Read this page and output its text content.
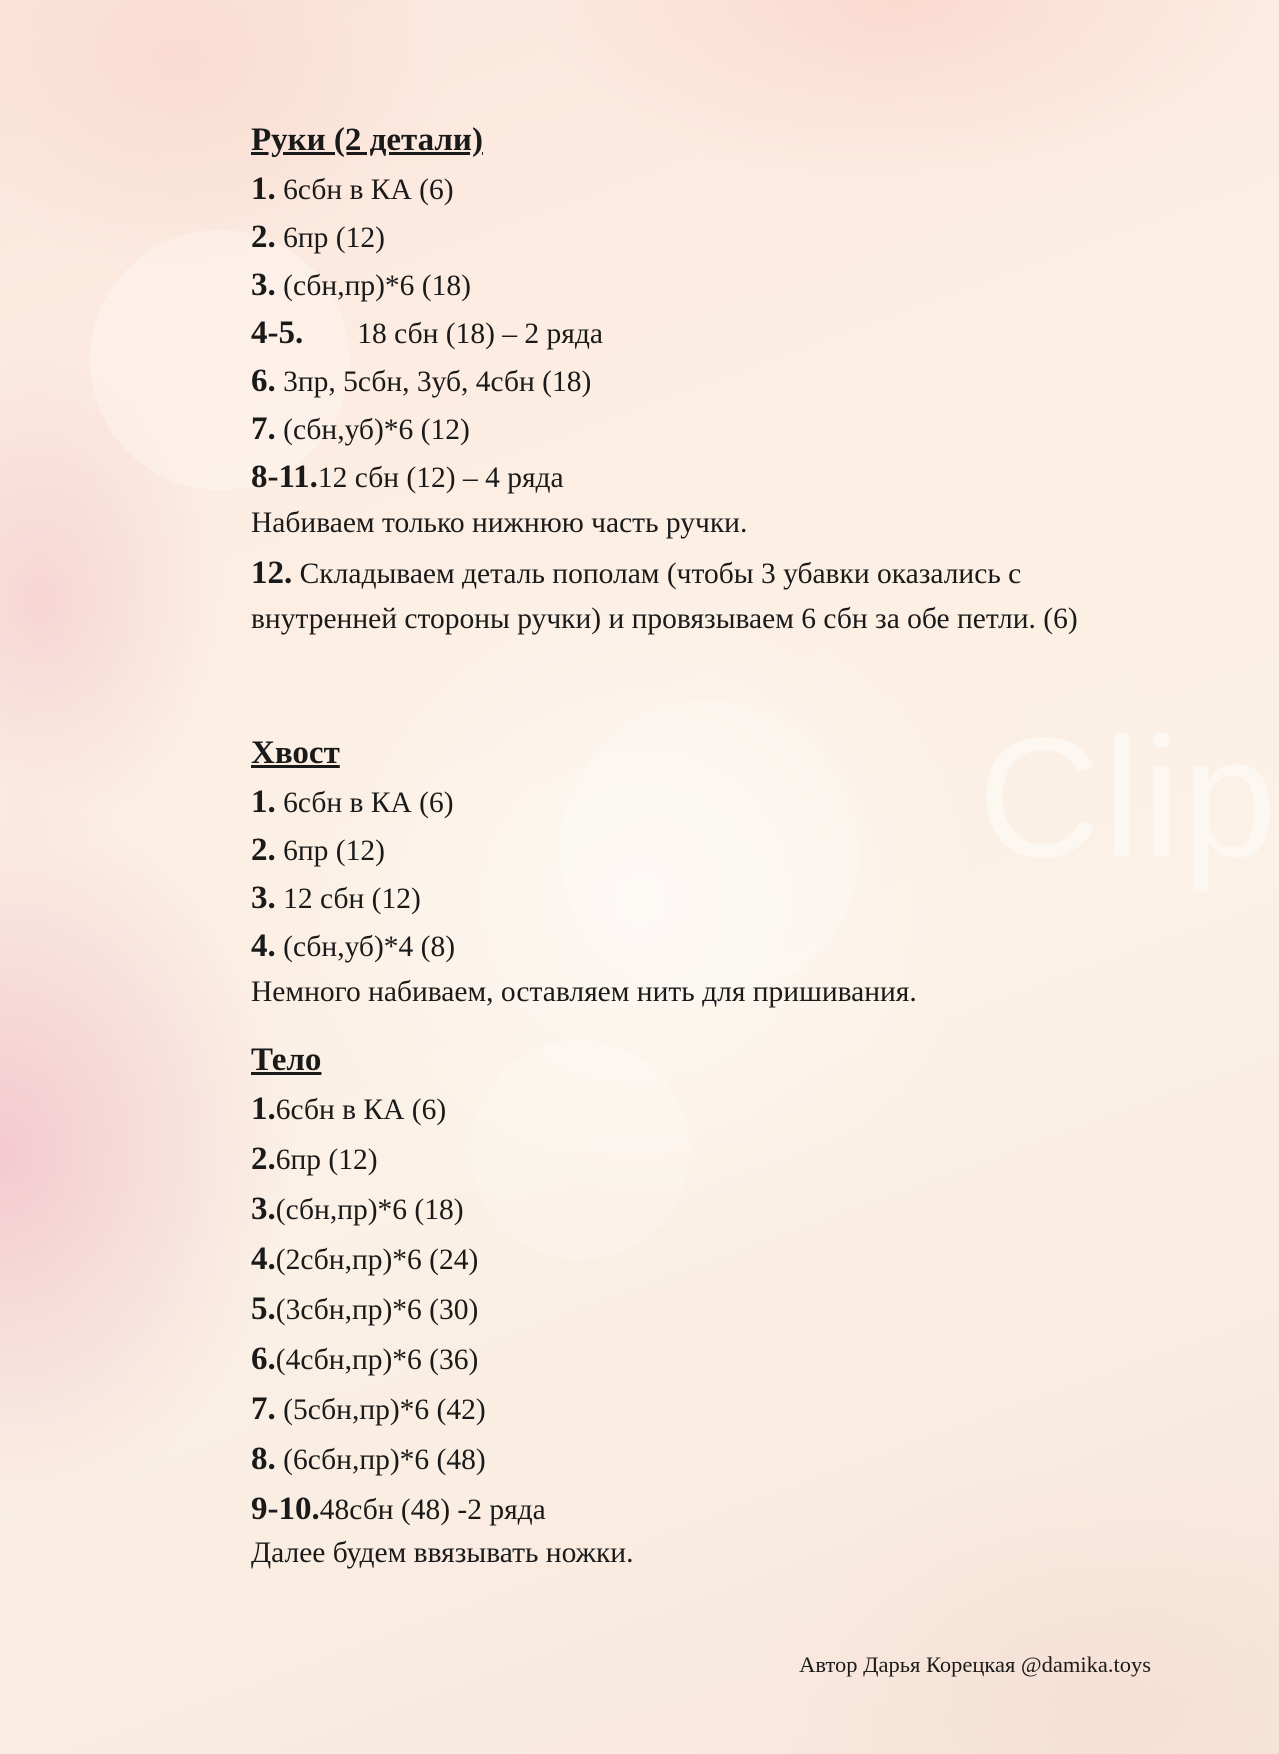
Clip
Руки (2 детали)
1. 6сбн в КА (6)
2. 6пр (12)
3. (сбн,пр)*6 (18)
4-5. 18 сбн (18) – 2 ряда
6. 3пр, 5сбн, 3уб, 4сбн (18)
7. (сбн,уб)*6 (12)
8-11.12 сбн (12) – 4 ряда
Набиваем только нижнюю часть ручки.
12. Складываем деталь пополам (чтобы 3 убавки оказались с внутренней стороны ручки) и провязываем 6 сбн за обе петли. (6)
Хвост
1. 6сбн в КА (6)
2. 6пр (12)
3. 12 сбн (12)
4. (сбн,уб)*4 (8)
Немного набиваем, оставляем нить для пришивания.
Тело
1.6сбн в КА (6)
2.6пр (12)
3.(сбн,пр)*6 (18)
4.(2сбн,пр)*6 (24)
5.(3сбн,пр)*6 (30)
6.(4сбн,пр)*6 (36)
7. (5сбн,пр)*6 (42)
8. (6сбн,пр)*6 (48)
9-10.48сбн (48) -2 ряда
Далее будем ввязывать ножки.
Автор Дарья Корецкая @damika.toys
